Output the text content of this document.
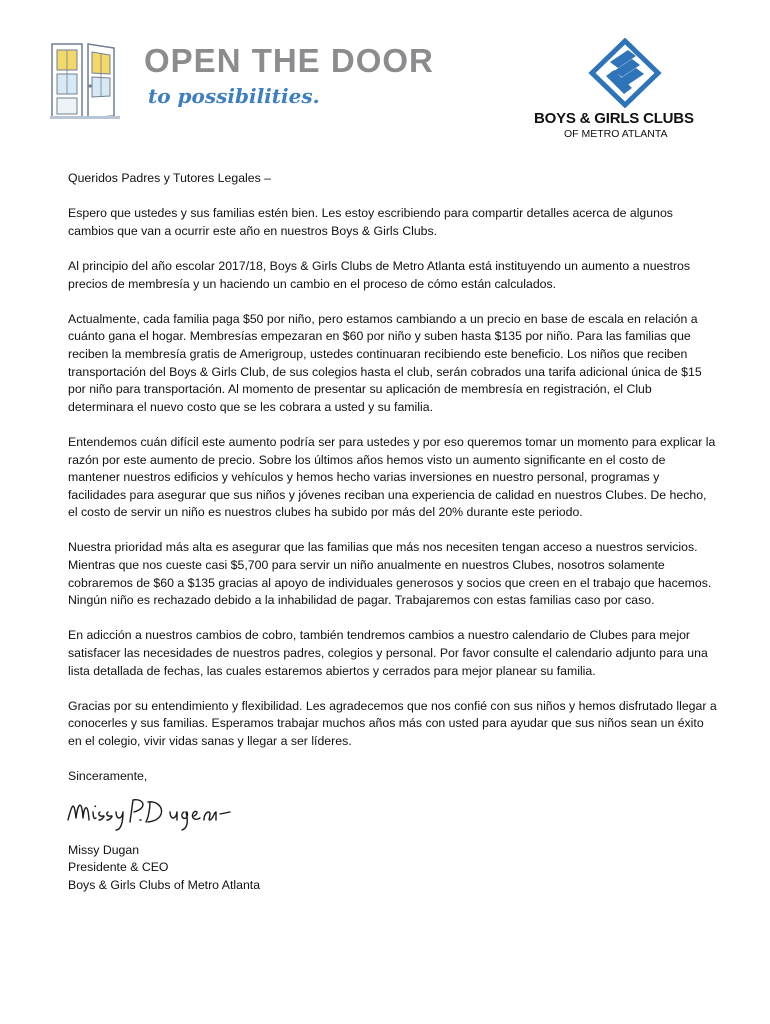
OPEN THE DOOR
to possibilities.
BOYS & GIRLS CLUBS
OF METRO ATLANTA

Queridos Padres y Tutores Legales –

Espero que ustedes y sus familias estén bien. Les estoy escribiendo para compartir detalles acerca de algunos cambios que van a ocurrir este año en nuestros Boys & Girls Clubs.

Al principio del año escolar 2017/18, Boys & Girls Clubs de Metro Atlanta está instituyendo un aumento a nuestros precios de membresía y un haciendo un cambio en el proceso de cómo están calculados.

Actualmente, cada familia paga $50 por niño, pero estamos cambiando a un precio en base de escala en relación a cuánto gana el hogar. Membresías empezaran en $60 por niño y suben hasta $135 por niño. Para las familias que reciben la membresía gratis de Amerigroup, ustedes continuaran recibiendo este beneficio. Los niños que reciben transportación del Boys & Girls Club, de sus colegios hasta el club, serán cobrados una tarifa adicional única de $15 por niño para transportación. Al momento de presentar su aplicación de membresía en registración, el Club determinara el nuevo costo que se les cobrara a usted y su familia.

Entendemos cuán difícil este aumento podría ser para ustedes y por eso queremos tomar un momento para explicar la razón por este aumento de precio. Sobre los últimos años hemos visto un aumento significante en el costo de mantener nuestros edificios y vehículos y hemos hecho varias inversiones en nuestro personal, programas y facilidades para asegurar que sus niños y jóvenes reciban una experiencia de calidad en nuestros Clubes. De hecho, el costo de servir un niño es nuestros clubes ha subido por más del 20% durante este periodo.

Nuestra prioridad más alta es asegurar que las familias que más nos necesiten tengan acceso a nuestros servicios. Mientras que nos cueste casi $5,700 para servir un niño anualmente en nuestros Clubes, nosotros solamente cobraremos de $60 a $135 gracias al apoyo de individuales generosos y socios que creen en el trabajo que hacemos. Ningún niño es rechazado debido a la inhabilidad de pagar. Trabajaremos con estas familias caso por caso.

En adicción a nuestros cambios de cobro, también tendremos cambios a nuestro calendario de Clubes para mejor satisfacer las necesidades de nuestros padres, colegios y personal. Por favor consulte el calendario adjunto para una lista detallada de fechas, las cuales estaremos abiertos y cerrados para mejor planear su familia.

Gracias por su entendimiento y flexibilidad. Les agradecemos que nos confié con sus niños y hemos disfrutado llegar a conocerles y sus familias. Esperamos trabajar muchos años más con usted para ayudar que sus niños sean un éxito en el colegio, vivir vidas sanas y llegar a ser líderes.

Sinceramente,

Missy Dugan
Presidente & CEO
Boys & Girls Clubs of Metro Atlanta
